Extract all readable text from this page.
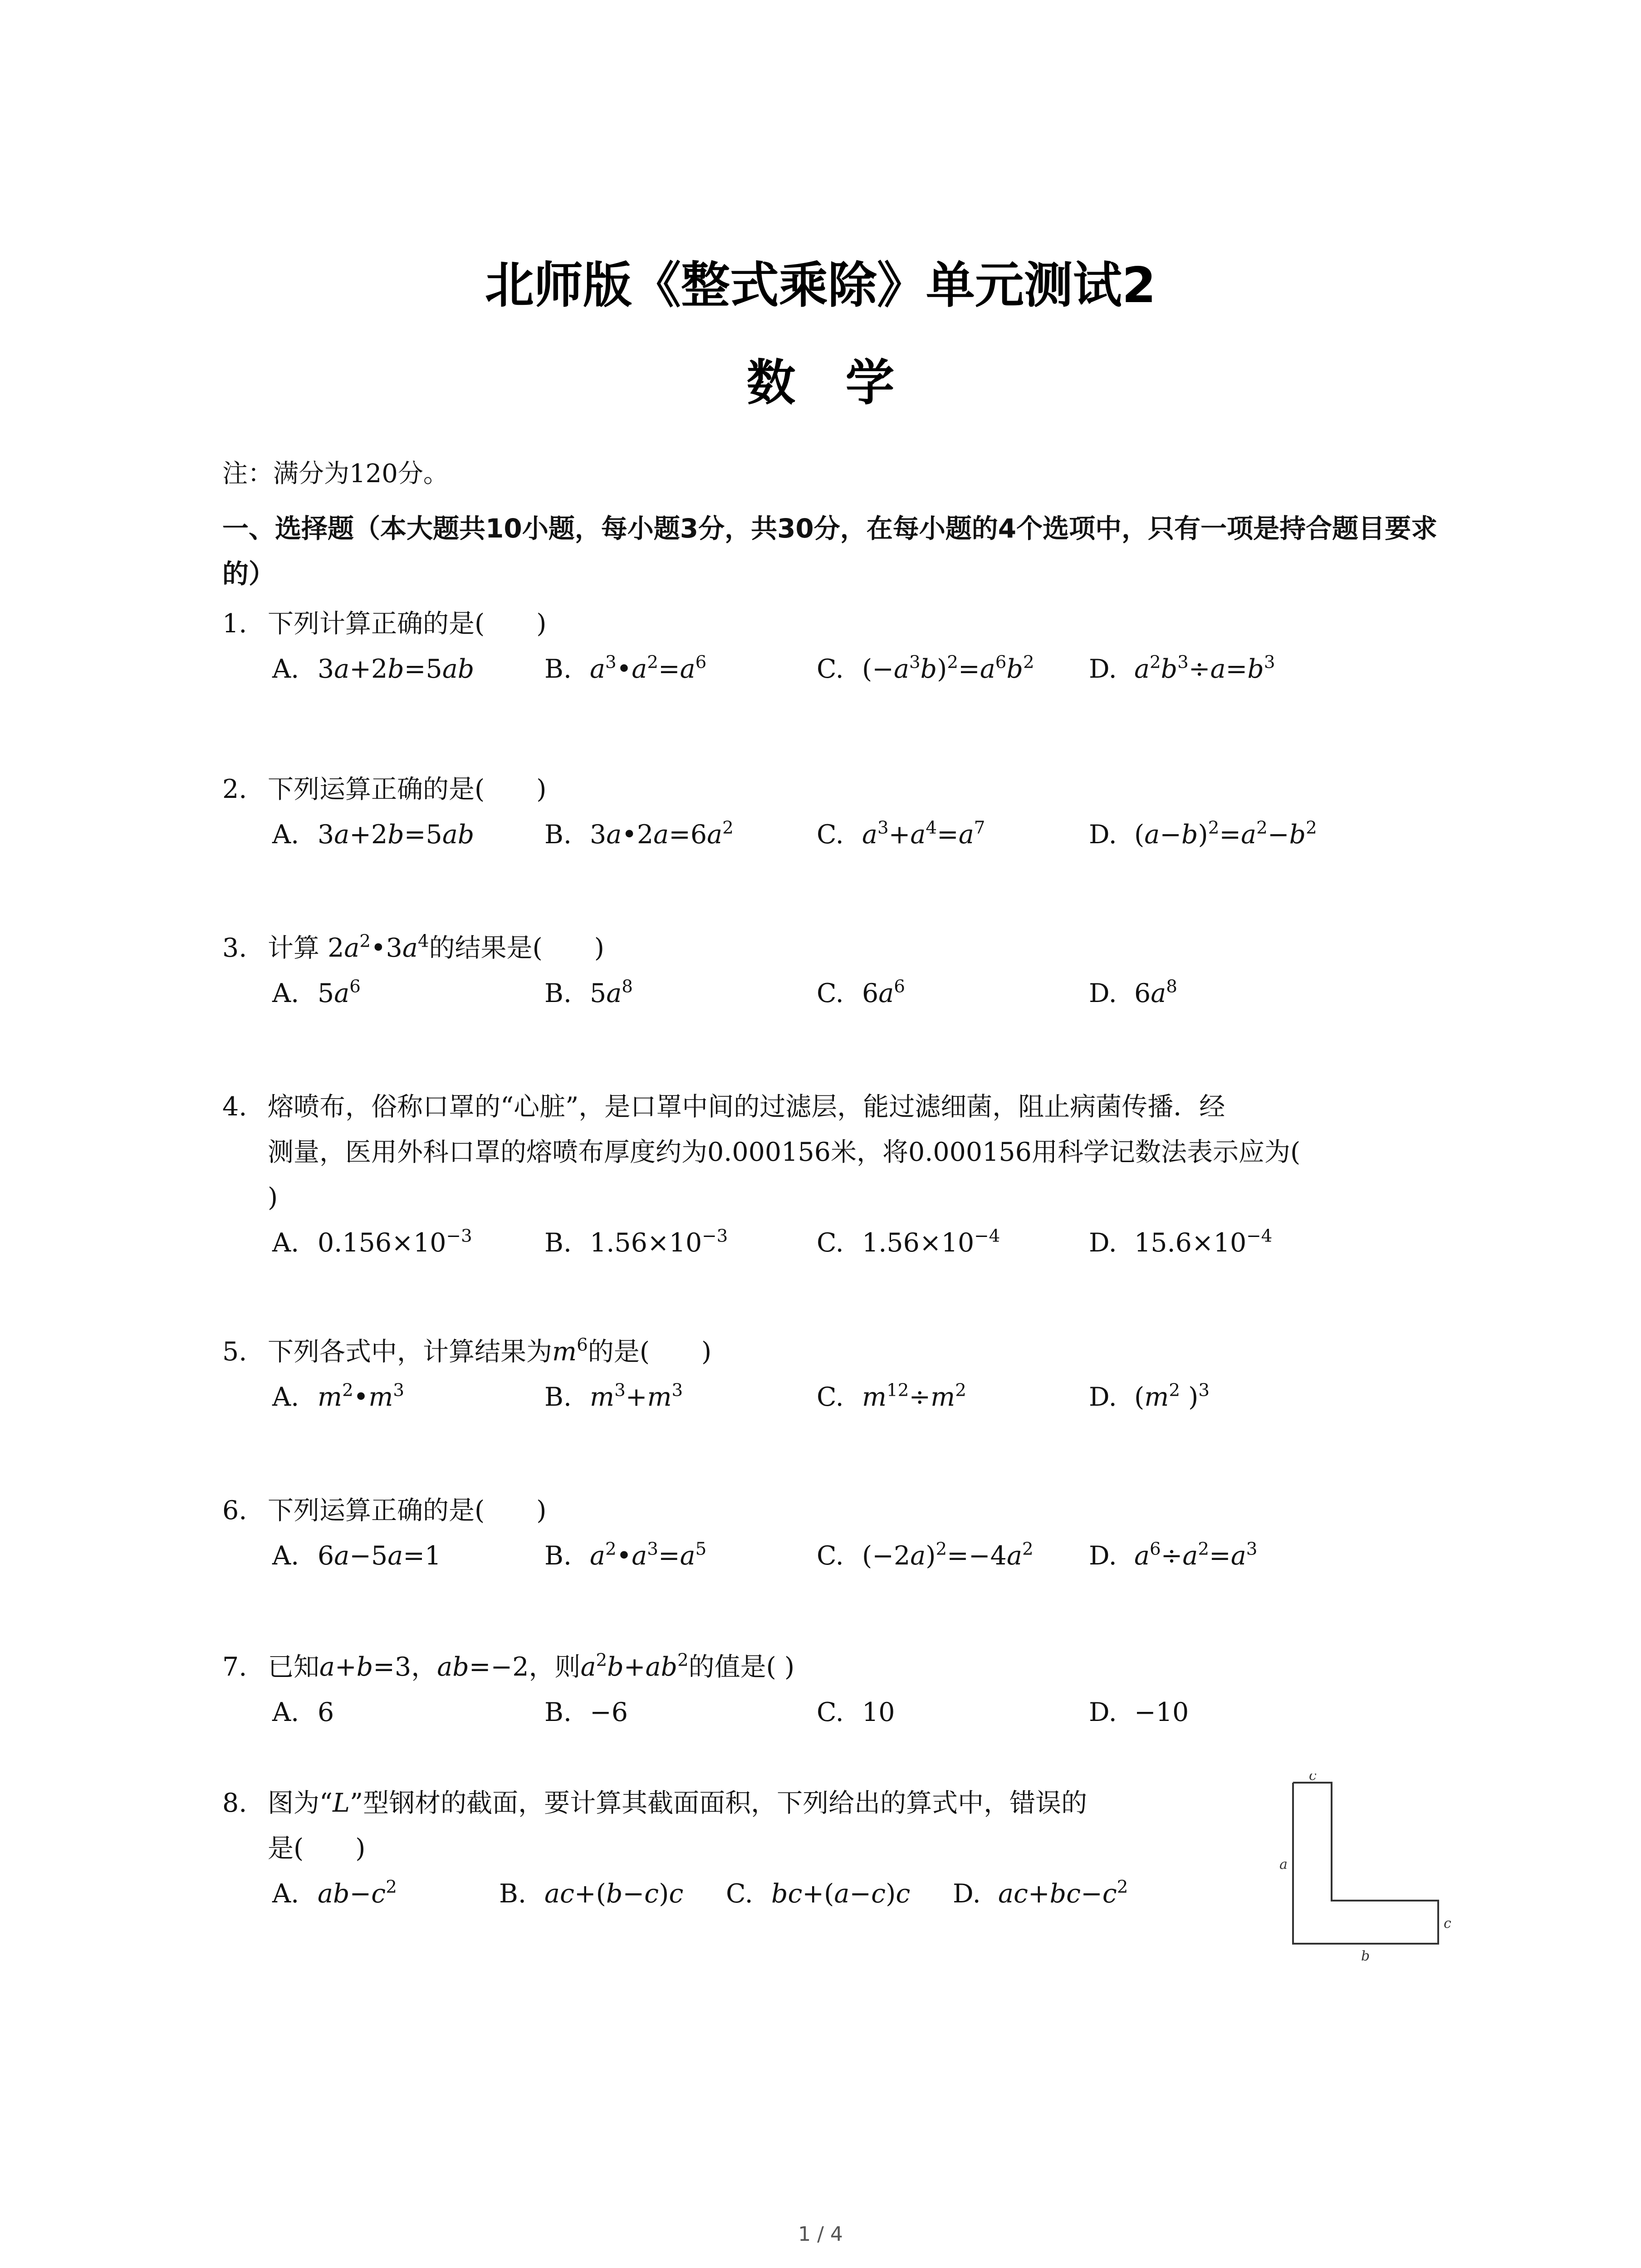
北师版《整式乘除》单元测试2
数学
注：满分为120分。
一、选择题（本大题共10小题，每小题3分，共30分，在每小题的4个选项中，只有一项是持合题目要求的）
1. 下列计算正确的是(　　)
A. 3a+2b=5ab	B. $a^3•a^2=a^6$	C. $(-a^3b)^2=a^6b^2$ D. $a^2b^3\div a=b^3$
2. 下列运算正确的是(　　)
A. 3a+2b=5ab	B. $3a•2a=6a^2$	C. $a^3+a^4=a^7$	D. $(a-b)^2=a^2-b^2$
3. 计算 $2a^2•3a^4$的结果是(　　)
A. $5a^6$	B. $5a^8$	C. $6a^6$	D. $6a^8$
4. 熔喷布，俗称口罩的“心脏”，是口罩中间的过滤层，能过滤细菌，阻止病菌传播．经
测量，医用外科口罩的熔喷布厚度约为0.000156米，将0.000156用科学记数法表示应为(
)
A. $0.156\times 10^{-3}$	B. $1.56\times 10^{-3}$	C. $1.56\times 10^{-4}$	D. $15.6\times 10^{-4}$
5. 下列各式中，计算结果为$m^6$的是(　　)
A. $m^2•m^3$	B. $m^3+m^3$	C. $m^{12}\div m^2$	D. ($m^2$ )$^3$
6. 下列运算正确的是(　　)
A. 6a−5a=1	B. $a^2•a^3=a^5$	C. $(-2a)^2=-4a^2$ D. $a^6\div a^2=a^3$
7. 已知a+b=3，ab=−2，则$a^2b+ab^2$的值是( )
A. 6	B. −6	C. 10	D. −10
8. 图为“L”型钢材的截面，要计算其截面面积，下列给出的算式中，错误的
是(　　)
A. $ab-c^2$	B. ac+(b−c)c C. bc+(a−c)c D. $ac+bc-c^2$
c
a
c
b
1 / 4
